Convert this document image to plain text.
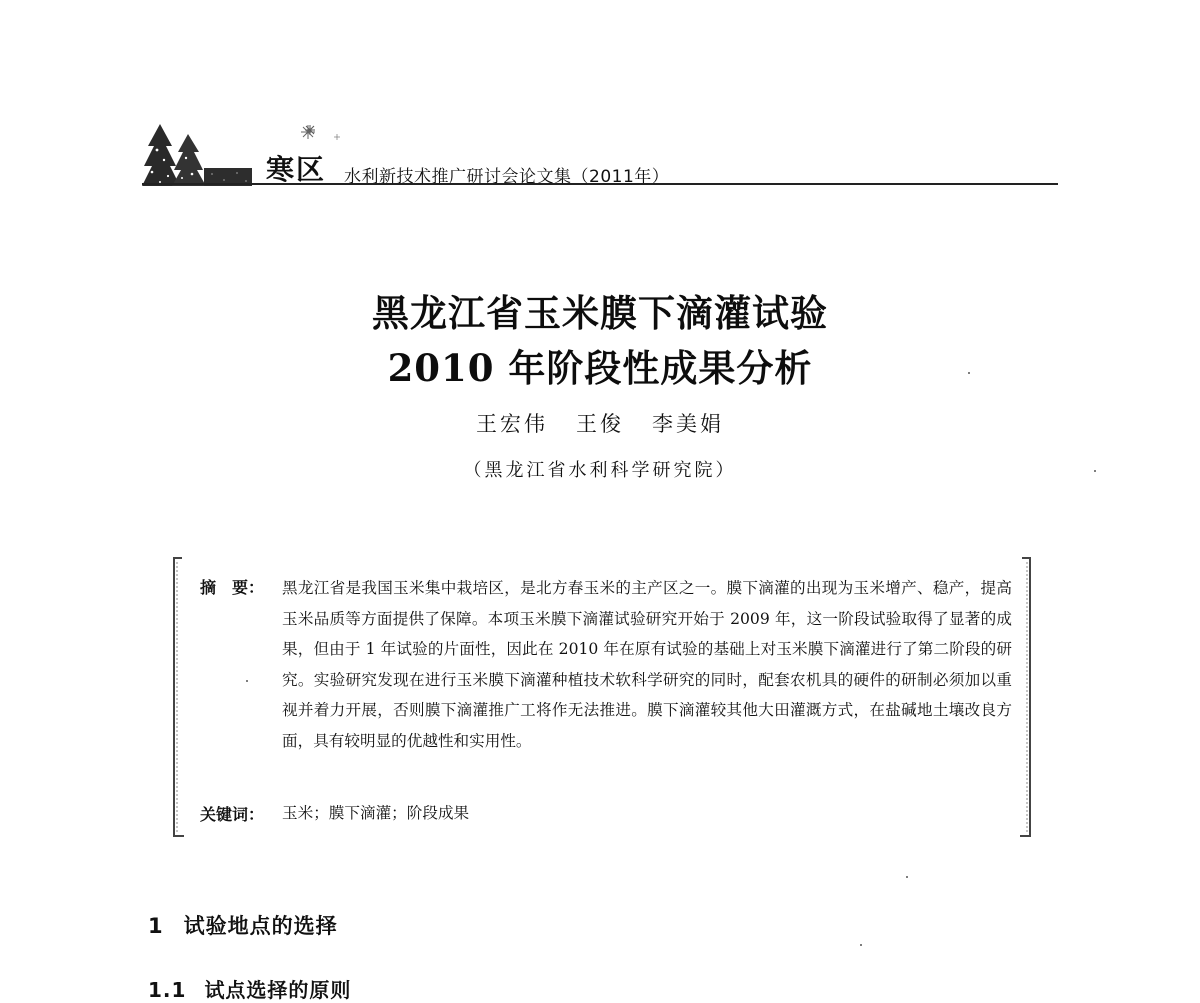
寒区 水利新技术推广研讨会论文集（2011年）
黑龙江省玉米膜下滴灌试验
2010 年阶段性成果分析
王宏伟 王俊 李美娟
（黑龙江省水利科学研究院）
摘　要： 黑龙江省是我国玉米集中栽培区，是北方春玉米的主产区之一。膜下滴灌的出现为玉米增产、稳产，提高玉米品质等方面提供了保障。本项玉米膜下滴灌试验研究开始于 2009 年，这一阶段试验取得了显著的成果，但由于 1 年试验的片面性，因此在 2010 年在原有试验的基础上对玉米膜下滴灌进行了第二阶段的研究。实验研究发现在进行玉米膜下滴灌种植技术软科学研究的同时，配套农机具的硬件的研制必须加以重视并着力开展，否则膜下滴灌推广工将作无法推进。膜下滴灌较其他大田灌溉方式，在盐碱地土壤改良方面，具有较明显的优越性和实用性。
关键词： 玉米；膜下滴灌；阶段成果
1 试验地点的选择
1.1 试点选择的原则
